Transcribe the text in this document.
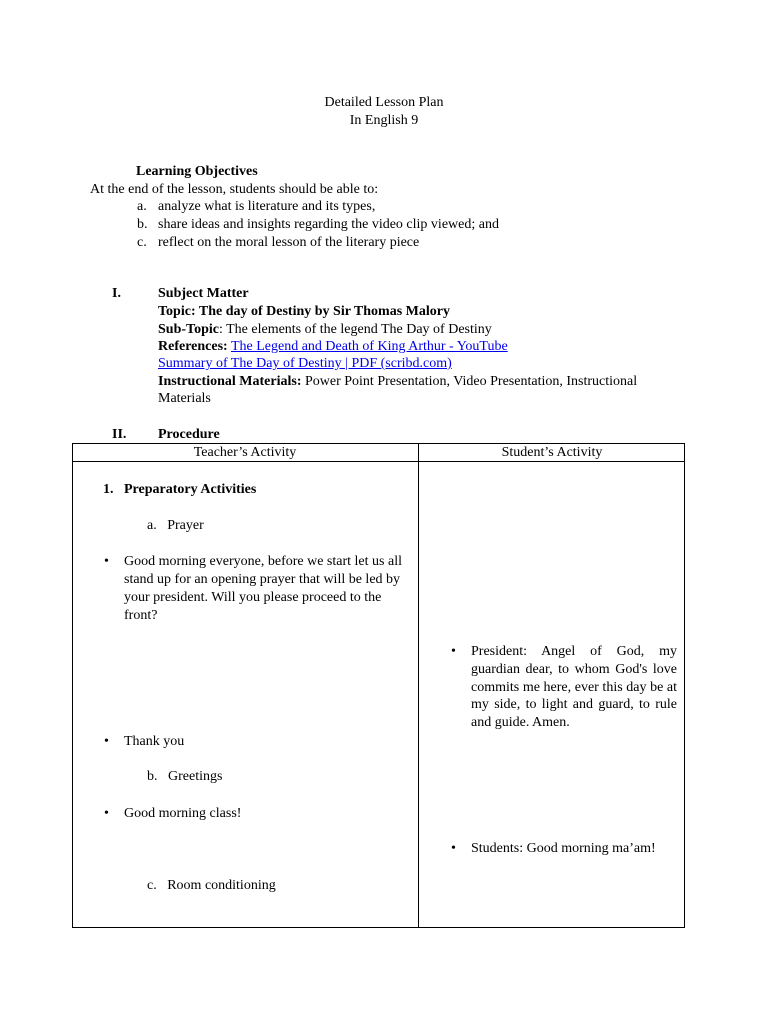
Detailed Lesson Plan
In English 9
Learning Objectives
At the end of the lesson, students should be able to:
a. analyze what is literature and its types,
b. share ideas and insights regarding the video clip viewed; and
c. reflect on the moral lesson of the literary piece
I.	Subject Matter
Topic: The day of Destiny by Sir Thomas Malory
Sub-Topic: The elements of the legend The Day of Destiny
References: The Legend and Death of King Arthur - YouTube
Summary of The Day of Destiny | PDF (scribd.com)
Instructional Materials: Power Point Presentation, Video Presentation, Instructional Materials
II. Procedure
Teacher’s Activity	Student’s Activity
1. Preparatory Activities
a.   Prayer
• Good morning everyone, before we start let us all stand up for an opening prayer that will be led by your president. Will you please proceed to the front?
• Thank you
b.   Greetings
• Good morning class!
c.   Room conditioning
• President: Angel of God, my guardian dear, to whom God's love commits me here, ever this day be at my side, to light and guard, to rule and guide. Amen.
• Students: Good morning ma’am!
